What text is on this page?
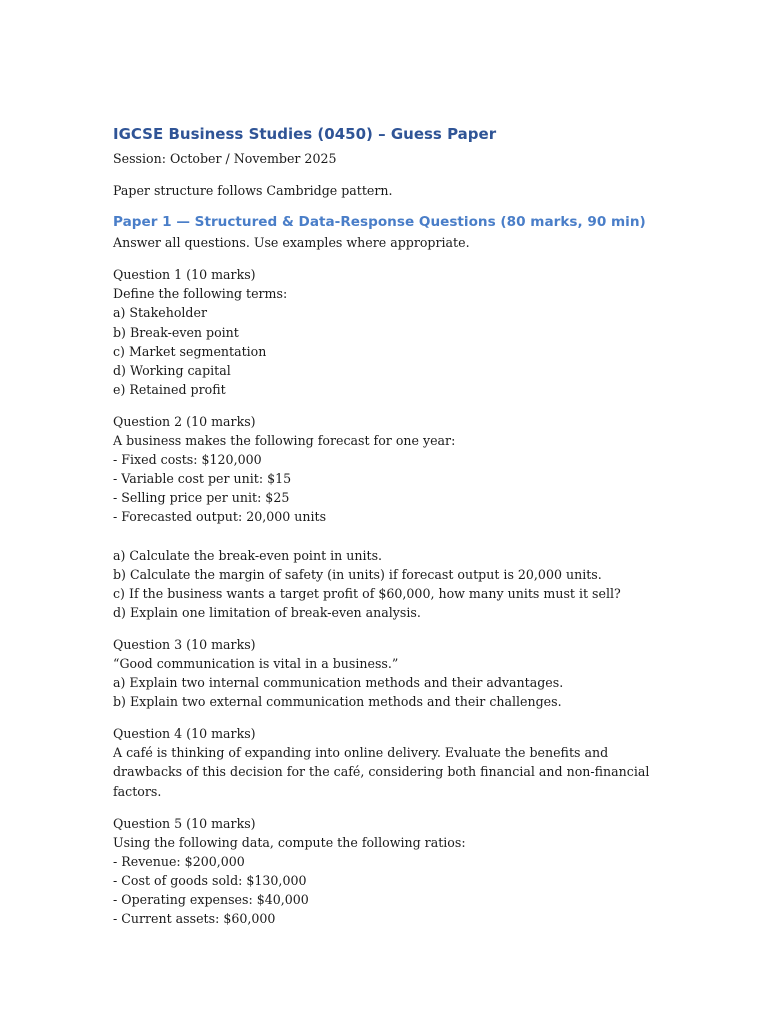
IGCSE Business Studies (0450) – Guess Paper

Session: October / November 2025

Paper structure follows Cambridge pattern.

Paper 1 — Structured & Data-Response Questions (80 marks, 90 min)

Answer all questions. Use examples where appropriate.

Question 1 (10 marks)

Define the following terms:

a) Stakeholder

b) Break-even point

c) Market segmentation

d) Working capital

e) Retained profit

Question 2 (10 marks)

A business makes the following forecast for one year:

- Fixed costs: $120,000

- Variable cost per unit: $15

- Selling price per unit: $25

- Forecasted output: 20,000 units

a) Calculate the break-even point in units.

b) Calculate the margin of safety (in units) if forecast output is 20,000 units.

c) If the business wants a target profit of $60,000, how many units must it sell?

d) Explain one limitation of break-even analysis.

Question 3 (10 marks)

“Good communication is vital in a business.”

a) Explain two internal communication methods and their advantages.

b) Explain two external communication methods and their challenges.

Question 4 (10 marks)

A café is thinking of expanding into online delivery. Evaluate the benefits and drawbacks of this decision for the café, considering both financial and non-financial factors.

Question 5 (10 marks)

Using the following data, compute the following ratios:

- Revenue: $200,000

- Cost of goods sold: $130,000

- Operating expenses: $40,000

- Current assets: $60,000
